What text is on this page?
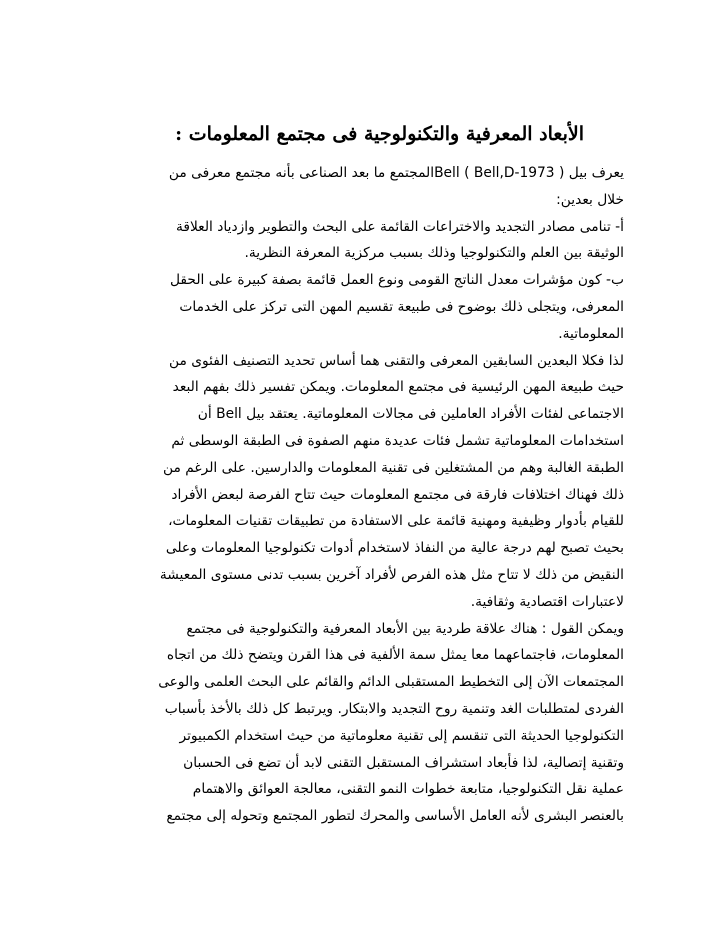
الأبعاد المعرفية والتكنولوجية فى مجتمع المعلومات :
يعرف بيل Bell ( Bell,D-1973 )المجتمع ما بعد الصناعى بأنه مجتمع معرفى من
خلال بعدين:
أ- تنامى مصادر التجديد والاختراعات القائمة على البحث والتطوير وازدياد العلاقة
الوثيقة بين العلم والتكنولوجيا وذلك بسبب مركزية المعرفة النظرية.
ب- كون مؤشرات معدل الناتج القومى ونوع العمل قائمة بصفة كبيرة على الحقل
المعرفى، ويتجلى ذلك بوضوح فى طبيعة تقسيم المهن التى تركز على الخدمات
المعلوماتية.
لذا فكلا البعدين السابقين المعرفى والتقنى هما أساس تحديد التصنيف الفئوى من
حيث طبيعة المهن الرئيسية فى مجتمع المعلومات. ويمكن تفسير ذلك بفهم البعد
الاجتماعى لفئات الأفراد العاملين فى مجالات المعلوماتية. يعتقد بيل Bell أن
استخدامات المعلوماتية تشمل فئات عديدة منهم الصفوة فى الطبقة الوسطى ثم
الطبقة الغالبة وهم من المشتغلين فى تقنية المعلومات والدارسين. على الرغم من
ذلك فهناك اختلافات فارقة فى مجتمع المعلومات حيث تتاح الفرصة لبعض الأفراد
للقيام بأدوار وظيفية ومهنية قائمة على الاستفادة من تطبيقات تقنيات المعلومات،
بحيث تصبح لهم درجة عالية من النفاذ لاستخدام أدوات تكنولوجيا المعلومات وعلى
النقيض من ذلك لا تتاح مثل هذه الفرص لأفراد آخرين بسبب تدنى مستوى المعيشة
لاعتبارات اقتصادية وثقافية.
ويمكن القول : هناك علاقة طردية بين الأبعاد المعرفية والتكنولوجية فى مجتمع
المعلومات، فاجتماعهما معا يمثل سمة الألفية فى هذا القرن ويتضح ذلك من اتجاه
المجتمعات الآن إلى التخطيط المستقبلى الدائم والقائم على البحث العلمى والوعى
الفردى لمتطلبات الغد وتنمية روح التجديد والابتكار. ويرتبط كل ذلك بالأخذ بأسباب
التكنولوجيا الحديثة التى تنقسم إلى تقنية معلوماتية من حيث استخدام الكمبيوتر
وتقنية إتصالية، لذا فأبعاد استشراف المستقبل التقنى لابد أن تضع فى الحسبان
عملية نقل التكنولوجيا، متابعة خطوات النمو التقنى، معالجة العوائق والاهتمام
بالعنصر البشرى لأنه العامل الأساسى والمحرك لتطور المجتمع وتحوله إلى مجتمع
